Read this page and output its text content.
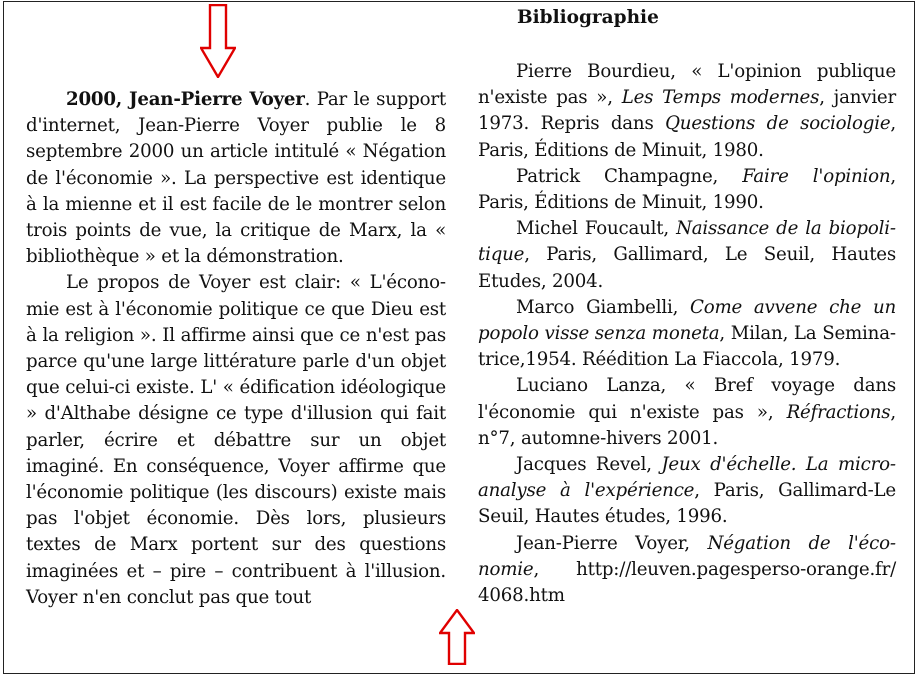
Bibliographie

2000, Jean-Pierre Voyer. Par le support d'internet, Jean-Pierre Voyer publie le 8 septembre 2000 un article intitulé « Négation de l'économie ». La perspective est identique à la mienne et il est facile de le montrer selon trois points de vue, la critique de Marx, la « bibliothèque » et la démonstration.

Le propos de Voyer est clair: « L'économie est à l'économie politique ce que Dieu est à la religion ». Il affirme ainsi que ce n'est pas parce qu'une large littérature parle d'un objet que celui-ci existe. L' « édification idéologique » d'Althabe désigne ce type d'illusion qui fait parler, écrire et débattre sur un objet imaginé. En conséquence, Voyer affirme que l'économie politique (les discours) existe mais pas l'objet économie. Dès lors, plusieurs textes de Marx portent sur des questions imaginées et – pire – contribuent à l'illusion. Voyer n'en conclut pas que tout

Pierre Bourdieu, « L'opinion publique n'existe pas », Les Temps modernes, janvier 1973. Repris dans Questions de sociologie, Paris, Éditions de Minuit, 1980.

Patrick Champagne, Faire l'opinion, Paris, Éditions de Minuit, 1990.

Michel Foucault, Naissance de la biopolitique, Paris, Gallimard, Le Seuil, Hautes Etudes, 2004.

Marco Giambelli, Come avvene che un popolo visse senza moneta, Milan, La Seminatrice,1954. Réédition La Fiaccola, 1979.

Luciano Lanza, « Bref voyage dans l'économie qui n'existe pas », Réfractions, n°7, automne-hivers 2001.

Jacques Revel, Jeux d'échelle. La microanalyse à l'expérience, Paris, Gallimard-Le Seuil, Hautes études, 1996.

Jean-Pierre Voyer, Négation de l'économie, http://leuven.pagesperso-orange.fr/ 4068.htm
